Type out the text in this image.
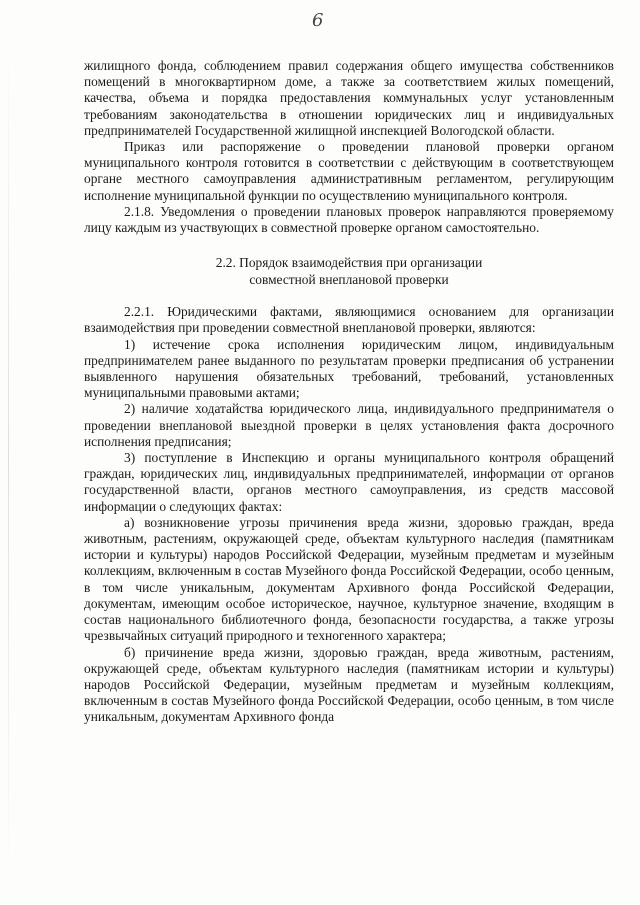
6

жилищного фонда, соблюдением правил содержания общего имущества собственников помещений в многоквартирном доме, а также за соответствием жилых помещений, качества, объема и порядка предоставления коммунальных услуг установленным требованиям законодательства в отношении юридических лиц и индивидуальных предпринимателей Государственной жилищной инспекцией Вологодской области.

Приказ или распоряжение о проведении плановой проверки органом муниципального контроля готовится в соответствии с действующим в соответствующем органе местного самоуправления административным регламентом, регулирующим исполнение муниципальной функции по осуществлению муниципального контроля.

2.1.8. Уведомления о проведении плановых проверок направляются проверяемому лицу каждым из участвующих в совместной проверке органом самостоятельно.

2.2. Порядок взаимодействия при организации
совместной внеплановой проверки

2.2.1. Юридическими фактами, являющимися основанием для организации взаимодействия при проведении совместной внеплановой проверки, являются:

1) истечение срока исполнения юридическим лицом, индивидуальным предпринимателем ранее выданного по результатам проверки предписания об устранении выявленного нарушения обязательных требований, требований, установленных муниципальными правовыми актами;

2) наличие ходатайства юридического лица, индивидуального предпринимателя о проведении внеплановой выездной проверки в целях установления факта досрочного исполнения предписания;

3) поступление в Инспекцию и органы муниципального контроля обращений граждан, юридических лиц, индивидуальных предпринимателей, информации от органов государственной власти, органов местного самоуправления, из средств массовой информации о следующих фактах:

а) возникновение угрозы причинения вреда жизни, здоровью граждан, вреда животным, растениям, окружающей среде, объектам культурного наследия (памятникам истории и культуры) народов Российской Федерации, музейным предметам и музейным коллекциям, включенным в состав Музейного фонда Российской Федерации, особо ценным, в том числе уникальным, документам Архивного фонда Российской Федерации, документам, имеющим особое историческое, научное, культурное значение, входящим в состав национального библиотечного фонда, безопасности государства, а также угрозы чрезвычайных ситуаций природного и техногенного характера;

б) причинение вреда жизни, здоровью граждан, вреда животным, растениям, окружающей среде, объектам культурного наследия (памятникам истории и культуры) народов Российской Федерации, музейным предметам и музейным коллекциям, включенным в состав Музейного фонда Российской Федерации, особо ценным, в том числе уникальным, документам Архивного фонда
